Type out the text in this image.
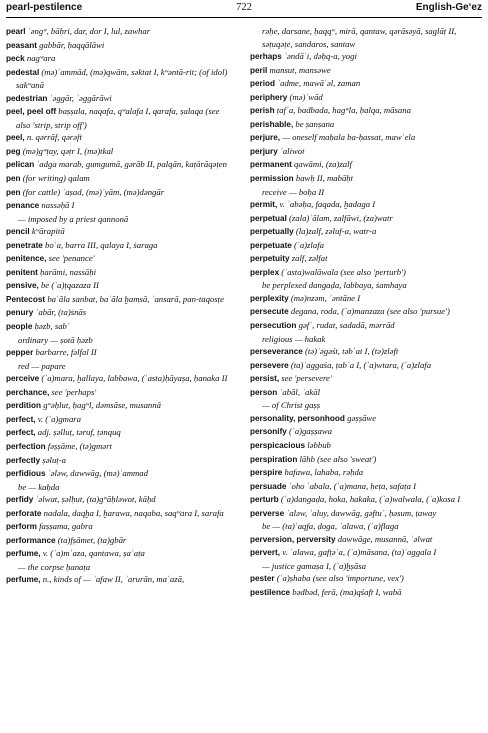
pearl-pestilence	722	English-Ge‘ez

pearl ʾəngʷ, bāḥri, dar, dor I, lul, zawhar

peasant gabbār, ḥaqqālāwi

peck nagʷara

pedestal (mə)ʾammād, (mə)qwām, səktat I, kʷəntā-rit; (of idol) sakʷanā

pedestrian ʾəggār, ʾəggārāwi

peel, peel off baṣṣala, naqafa, qʷalafa I, qarafa, ṣalaqa (see also 'strip, strip off')

peel, n. qərrāf, qərəft

peg (mə)gʷṭay, qəṭr I, (mə)tkal

pelican ʾadga marab, gumgumā, gərāb II, palqān, kaṭārāqəṭen

pen (for writing) qalam

pen (for cattle) ʾaṣad, (mə)ʾyām, (mə)dəngār

penance nassəḥā I

— imposed by a priest qannonā

pencil kʷārapitā

penetrate boʾa, barra III, qalaya I, ṡaraga

penitence, see 'penance'

penitent ḥarāmi, nassāḥi

pensive, be (ʾa)ṭqazaza II

Pentecost baʿāla sanbat, baʿāla ḫamsā, ʾansarā, pan-taqosṭe

penury ʿabār, (ta)ṡnās

people ḥəzb, sabʾ

ordinary — ṣotā ḥəzb

pepper barbarre, fəlfal II

red — papare

perceive (ʾa)mara, ḫallaya, labbawa, (ʾasta)ḥāyaṣa, ḥanaka II

perchance, see 'perhaps'

perdition gʷəḥlut, ḥagʷl, dəmsāse, musannā

perfect, v. (ʾa)gmara

perfect, adj. ṣəlluṭ, təruf, ṭənquq

perfection fəṣṣāme, (tə)gmərt

perfectly ṣəluṭ-a

perfidious ʾələw, dawwāg, (mə)ʾammad

be — kaḥda

perfidy ʾəlwat, ṣəlḥut, (ta)gʷāḥləwot, kāḥd

perforate nadala, daqḫa I, ḫarawa, naqaba, saqʷara I, sarafa

perform faṣṣama, gabra

performance (ta)fṣāmet, (ta)gbār

perfume, v. (ʾa)mʿaza, qantawa, ṣaʿaṭa

— the corpse ḥanaṭa

perfume, n., kinds of — ʾafaw II, ʾarurān, maʿazā,

rəḥe, darsane, ḥaqqʷ, mirā, qantaw, qərāsəyā, saglāṭ II, səṭuqəṭe, sandaros, santaw

perhaps ʾəndāʿi, dəḥq-a, yogi

peril mansut, mansəwe

period ʾadme, mawāʿəl, zaman

periphery (mə)ʾwād

perish ṭafʾa, badbada, hagʷla, ḥalqa, māsana

perishable, be ṣanṣana

perjure, — oneself maḥala ba-ḥassat, mawʿela

perjury ʾaliwot

permanent qawāmi, (za)zalf

permission bawḥ II, mabāḥt

receive — boḥa II

permit, v. ʾabəḥa, faqada, ḫadaga I

perpetual (zala)ʿālam, zalfāwi, (za)watr

perpetually (la)zalf, zəluf-a, watr-a

perpetuate (ʾa)zlafa

perpetuity zalf, zəlfat

perplex (ʾasta)walāwala (see also 'perturb')

be perplexed dangaḍa, labbaya, ṡamhaya

perplexity (mə)nzəm, ʾəntāne I

persecute degana, roda, (ʾa)manzaza (see also 'pursue')

persecution gəfʿ, rudat, sadadā, mərrād

religious — hakak

perseverance (tə)ʾəgəśt, təbʿat I, (tə)zləft

persevere (ta)ʾaggaśa, ṭabʿa I, (ʾa)wtara, (ʾa)zlafa

persist, see 'persevere'

person ʾabāl, ʾakāl

— of Christ gaṣṣ

personality, personhood gəṣṣāwe

personify (ʾa)gaṣṣawa

perspicacious ləbbub

perspiration lāhb (see also 'sweat')

perspire hafawa, lahaba, rəḥda

persuade ʾoho ʾabala, (ʾa)mana, ḥeṭa, safaṭa I

perturb (ʾa)dangaḍa, hoka, hakaka, (ʾa)walwala, (ʾa)kosa I

perverse ʾaləw, ʾaluy, dawwāg, gəftuʾ, ḥəsum, ṭaway

be — (ta)ʿaqfa, ḍoga, ʾalawa, (ʾa)flaga

perversion, perversity dawwāge, musannā, ʾəlwat

pervert, v. ʾalawa, gafṭəʾa, (ʾa)māsana, (ta)ʿaggala I

— justice gamaṣa I, (ʾa)ḫṣāsa

pester (ʾa)ṣhaba (see also 'importune, vex')

pestilence bədbəd, ferā, (ma)qśaft I, wabā
